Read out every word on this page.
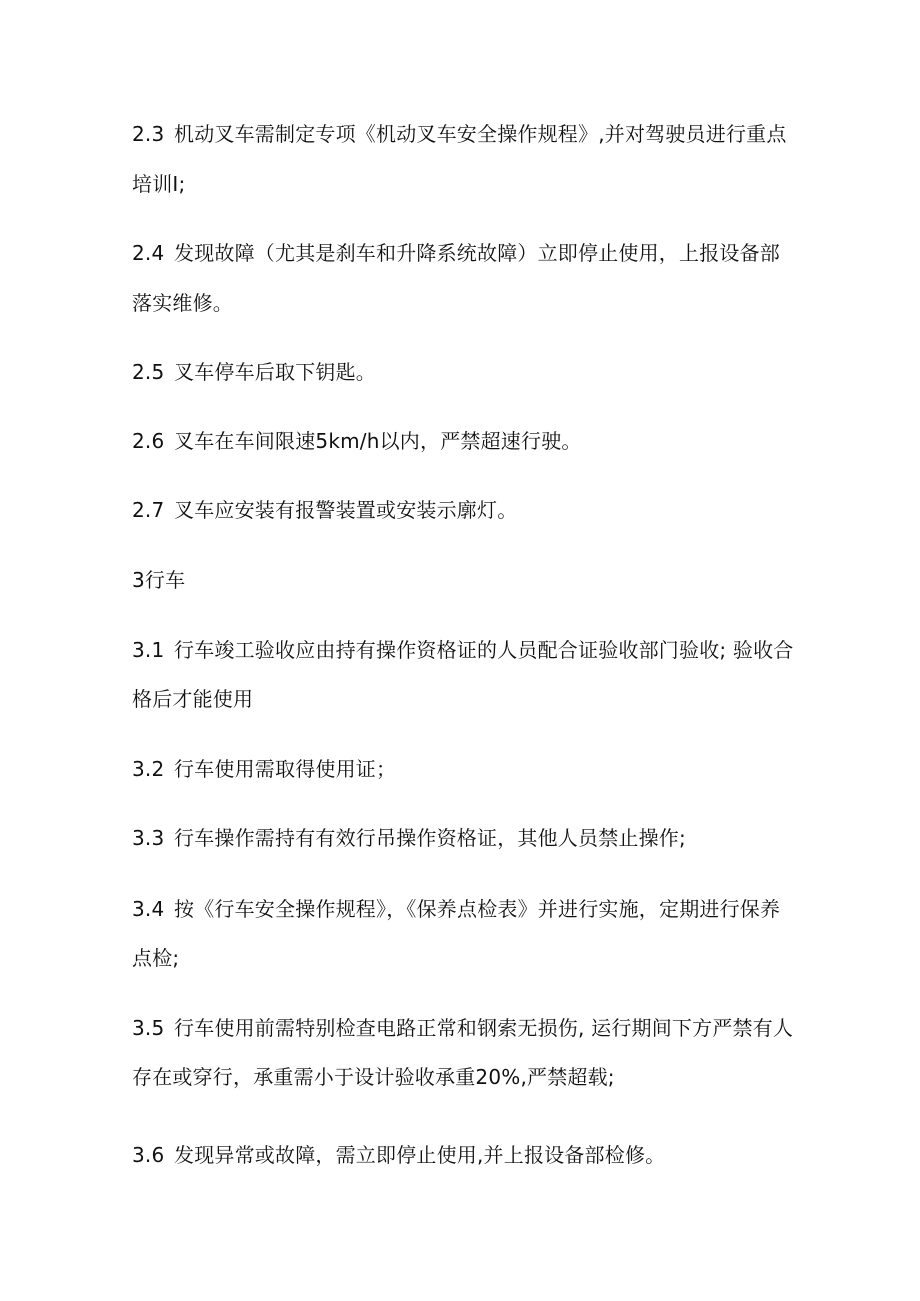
2.3 机动叉车需制定专项《机动叉车安全操作规程》,并对驾驶员进行重点
培训I;
2.4 发现故障（尤其是刹车和升降系统故障）立即停止使用，上报设备部
落实维修。
2.5 叉车停车后取下钥匙。
2.6 叉车在车间限速5km/h以内，严禁超速行驶。
2.7 叉车应安装有报警装置或安装示廓灯。
3行车
3.1 行车竣工验收应由持有操作资格证的人员配合证验收部门验收; 验收合
格后才能使用
3.2 行车使用需取得使用证；
3.3 行车操作需持有有效行吊操作资格证，其他人员禁止操作;
3.4 按《行车安全操作规程》，《保养点检表》并进行实施，定期进行保养
点检;
3.5 行车使用前需特别检查电路正常和钢索无损伤, 运行期间下方严禁有人
存在或穿行，承重需小于设计验收承重20%,严禁超载;
3.6 发现异常或故障，需立即停止使用,并上报设备部检修。
